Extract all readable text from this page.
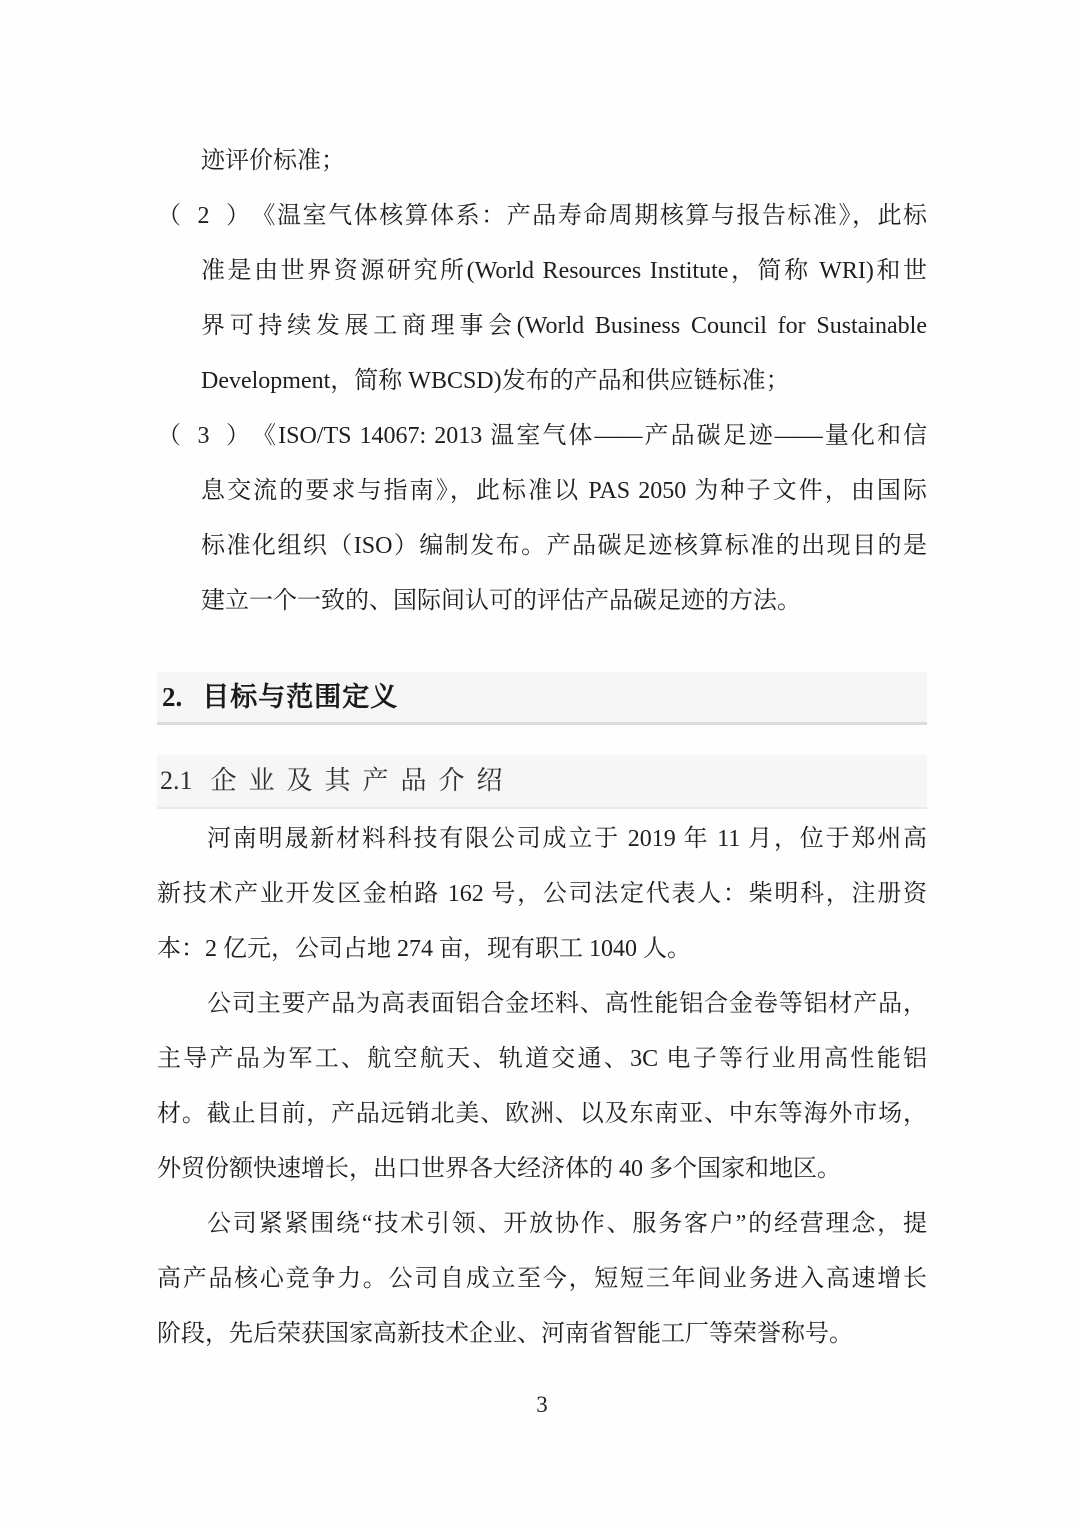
迹评价标准；
（2）《温室气体核算体系：产品寿命周期核算与报告标准》，此标
准是由世界资源研究所(World Resources Institute，简称 WRI)和世
界可持续发展工商理事会(World Business Council for Sustainable
Development，简称 WBCSD)发布的产品和供应链标准；
（3）《ISO/TS 14067: 2013 温室气体——产品碳足迹——量化和信
息交流的要求与指南》，此标准以 PAS 2050 为种子文件，由国际
标准化组织（ISO）编制发布。产品碳足迹核算标准的出现目的是
建立一个一致的、国际间认可的评估产品碳足迹的方法。
2. 目标与范围定义
2.1 企业及其产品介绍
河南明晟新材料科技有限公司成立于 2019 年 11 月，位于郑州高
新技术产业开发区金柏路 162 号，公司法定代表人：柴明科，注册资
本：2 亿元，公司占地 274 亩，现有职工 1040 人。
公司主要产品为高表面铝合金坯料、高性能铝合金卷等铝材产品，
主导产品为军工、航空航天、轨道交通、3C 电子等行业用高性能铝
材。截止目前，产品远销北美、欧洲、以及东南亚、中东等海外市场，
外贸份额快速增长，出口世界各大经济体的 40 多个国家和地区。
公司紧紧围绕“技术引领、开放协作、服务客户”的经营理念，提
高产品核心竞争力。公司自成立至今，短短三年间业务进入高速增长
阶段，先后荣获国家高新技术企业、河南省智能工厂等荣誉称号。
3
